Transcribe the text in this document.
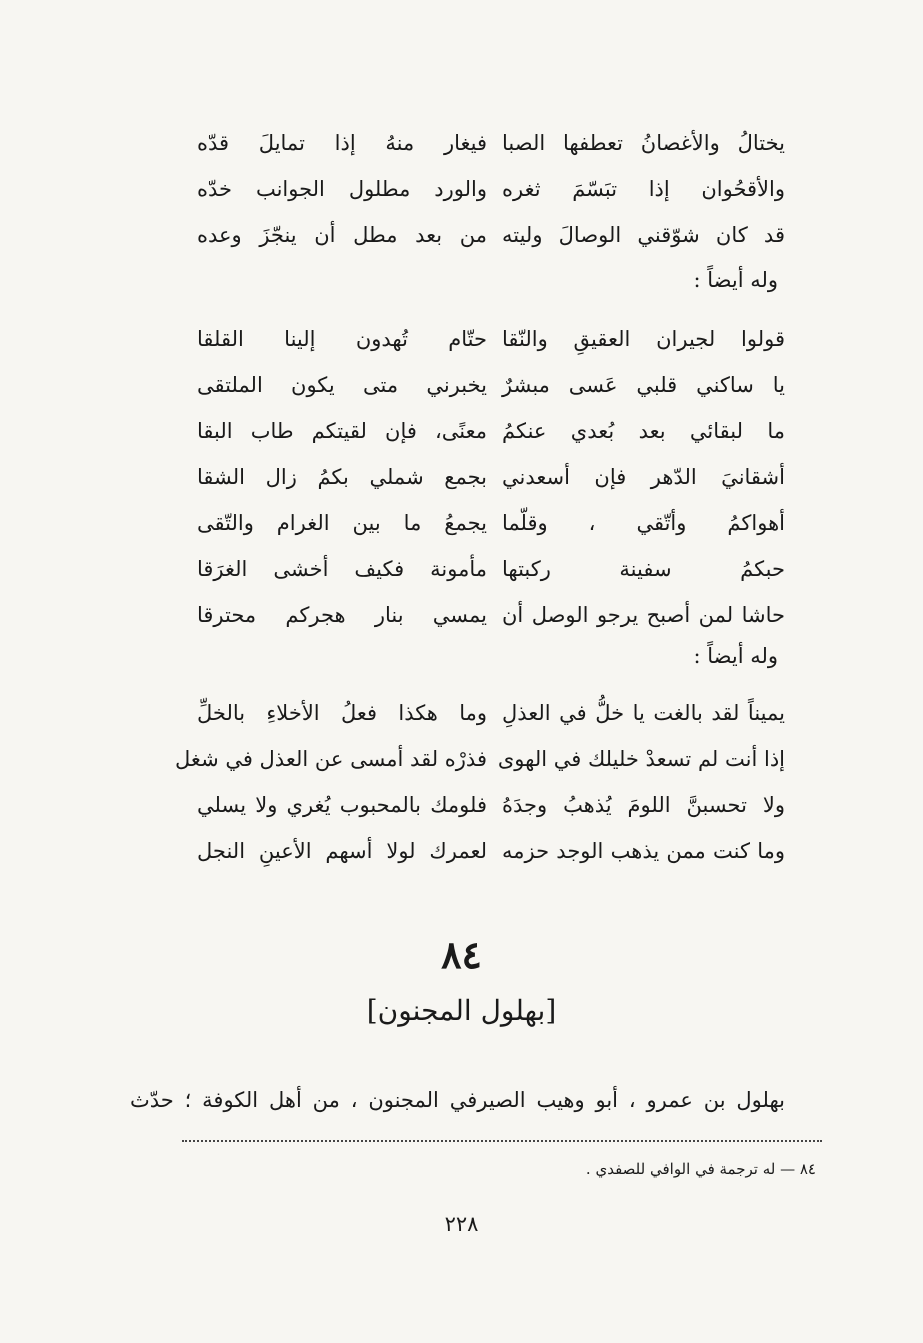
يختالُ والأغصانُ تعطفها الصبا
فيغار منهُ إذا تمايلَ قدّه
والأقحُوان إذا تبَسّمَ ثغره
والورد مطلول الجوانب خدّه
قد كان شوّقني الوصالَ وليته
من بعد مطل أن ينجّزَ وعده
وله أيضاً :
قولوا لجيران العقيقِ والنّقا
حتّام تُهدون إلينا القلقا
يا ساكني قلبي عَسى مبشرٌ
يخبرني متى يكون الملتقى
ما لبقائي بعد بُعدي عنكمُ
معنًى، فإن لقيتكم طاب البقا
أشقانيَ الدّهر فإن أسعدني
بجمع شملي بكمُ زال الشقا
أهواكمُ وأتّقي ، وقلّما
يجمعُ ما بين الغرام والتّقى
حبكمُ سفينة ركبتها
مأمونة فكيف أخشى الغرَقا
حاشا لمن أصبح يرجو الوصل أن
يمسي بنار هجركم محترقا
وله أيضاً :
يميناً لقد بالغت يا خلُّ في العذلِ
وما هكذا فعلُ الأخلاءِ بالخلِّ
إذا أنت لم تسعدْ خليلك في الهوى
فذرْه لقد أمسى عن العذل في شغل
ولا تحسبنَّ اللومَ يُذهبُ وجدَهُ
فلومك بالمحبوب يُغري ولا يسلي
وما كنت ممن يذهب الوجد حزمه
لعمرك لولا أسهم الأعينِ النجل
٨٤
[بهلول المجنون]
بهلول بن عمرو ، أبو وهيب الصيرفي المجنون ، من أهل الكوفة ؛ حدّث
٨٤ — له ترجمة في الوافي للصفدي .
٢٢٨
